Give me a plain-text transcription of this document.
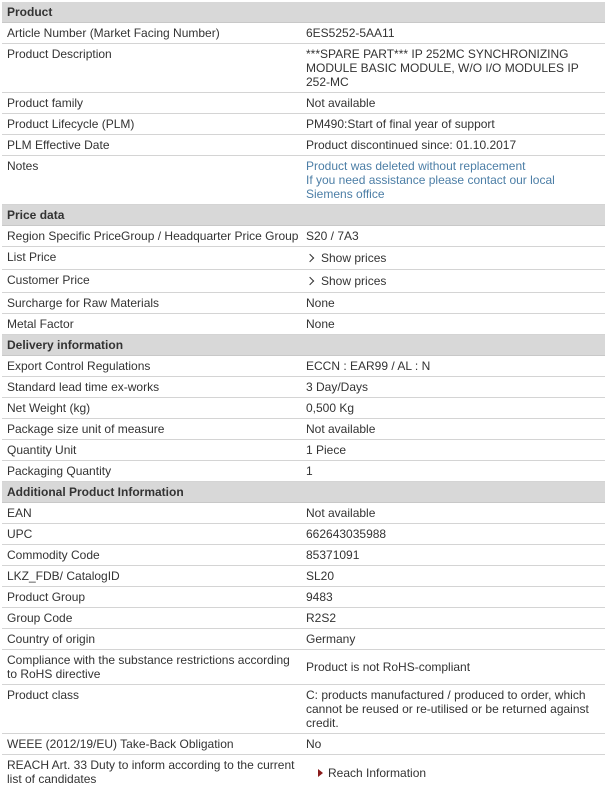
Product
Article Number (Market Facing Number)	6ES5252-5AA11
Product Description	***SPARE PART*** IP 252MC SYNCHRONIZING MODULE BASIC MODULE, W/O I/O MODULES IP 252-MC
Product family	Not available
Product Lifecycle (PLM)	PM490:Start of final year of support
PLM Effective Date	Product discontinued since: 01.10.2017
Notes	Product was deleted without replacement
If you need assistance please contact our local Siemens office
Price data
Region Specific PriceGroup / Headquarter Price Group S20 / 7A3
List Price	Show prices
Customer Price	Show prices
Surcharge for Raw Materials	None
Metal Factor	None
Delivery information
Export Control Regulations	ECCN : EAR99 / AL : N
Standard lead time ex-works	3 Day/Days
Net Weight (kg)	0,500 Kg
Package size unit of measure	Not available
Quantity Unit	1 Piece
Packaging Quantity	1
Additional Product Information
EAN	Not available
UPC	662643035988
Commodity Code	85371091
LKZ_FDB/ CatalogID	SL20
Product Group	9483
Group Code	R2S2
Country of origin	Germany
Compliance with the substance restrictions according to RoHS directive	Product is not RoHS-compliant
Product class	C: products manufactured / produced to order, which cannot be reused or re-utilised or be returned against credit.
WEEE (2012/19/EU) Take-Back Obligation	No
REACH Art. 33 Duty to inform according to the current list of candidates	Reach Information
